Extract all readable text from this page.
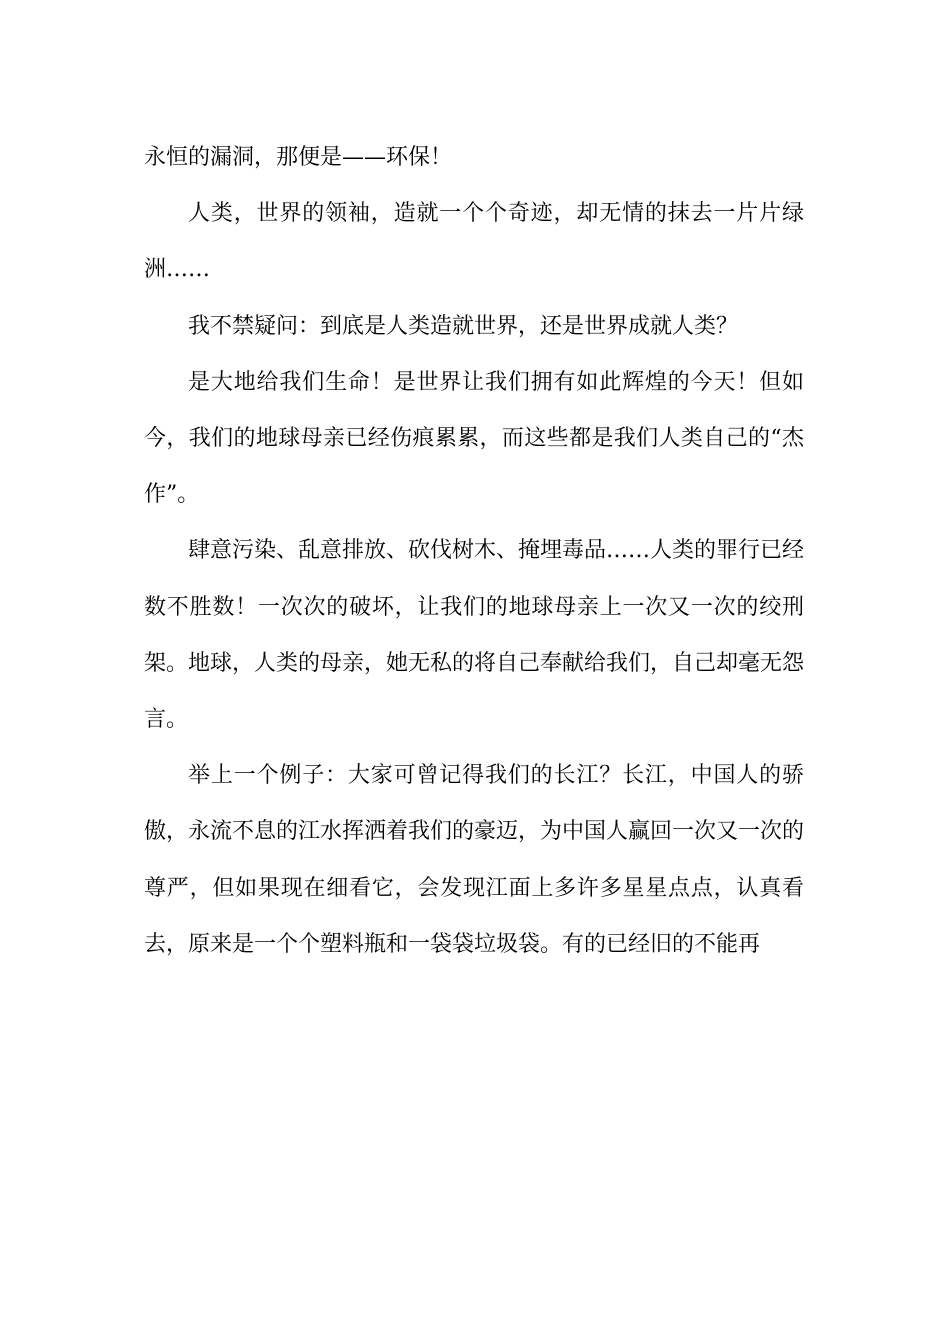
永恒的漏洞，那便是——环保！

人类，世界的领袖，造就一个个奇迹，却无情的抹去一片片绿洲……

我不禁疑问：到底是人类造就世界，还是世界成就人类？

是大地给我们生命！是世界让我们拥有如此辉煌的今天！但如今，我们的地球母亲已经伤痕累累，而这些都是我们人类自己的“杰作”。

肆意污染、乱意排放、砍伐树木、掩埋毒品……人类的罪行已经数不胜数！一次次的破坏，让我们的地球母亲上一次又一次的绞刑架。地球，人类的母亲，她无私的将自己奉献给我们，自己却毫无怨言。

举上一个例子：大家可曾记得我们的长江？长江，中国人的骄傲，永流不息的江水挥洒着我们的豪迈，为中国人赢回一次又一次的尊严，但如果现在细看它，会发现江面上多许多星星点点，认真看去，原来是一个个塑料瓶和一袋袋垃圾袋。有的已经旧的不能再
